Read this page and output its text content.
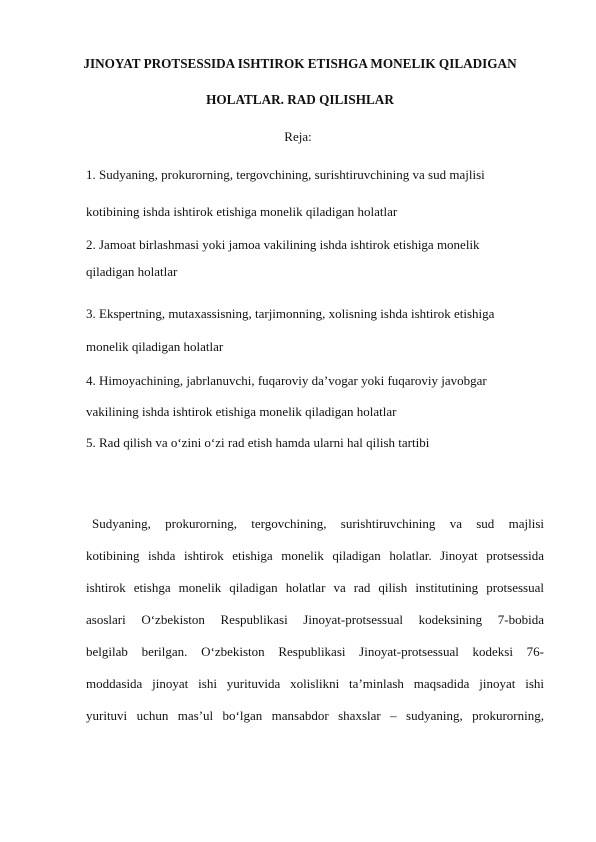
JINOYAT PROTSESSIDA ISHTIROK ETISHGA MONELIK QILADIGAN
HOLATLAR. RAD QILISHLAR
Reja:
1. Sudyaning, prokurorning, tergovchining, surishtiruvchining va sud majlisi
kotibining ishda ishtirok etishiga monelik qiladigan holatlar
2. Jamoat birlashmasi yoki jamoa vakilining ishda ishtirok etishiga monelik
qiladigan holatlar
3. Ekspertning, mutaxassisning, tarjimonning, xolisning ishda ishtirok etishiga
monelik qiladigan holatlar
4. Himoyachining, jabrlanuvchi, fuqaroviy da’vogar yoki fuqaroviy javobgar
vakilining ishda ishtirok etishiga monelik qiladigan holatlar
5. Rad qilish va o‘zini o‘zi rad etish hamda ularni hal qilish tartibi
Sudyaning, prokurorning, tergovchining, surishtiruvchining va sud majlisi
kotibining ishda ishtirok etishiga monelik qiladigan holatlar. Jinoyat protsessida
ishtirok etishga monelik qiladigan holatlar va rad qilish institutining protsessual
asoslari O‘zbekiston Respublikasi Jinoyat-protsessual kodeksining 7-bobida
belgilab berilgan. O‘zbekiston Respublikasi Jinoyat-protsessual kodeksi 76-
moddasida jinoyat ishi yurituvida xolislikni ta’minlash maqsadida jinoyat ishi
yurituvi uchun mas’ul bo‘lgan mansabdor shaxslar – sudyaning, prokurorning,
